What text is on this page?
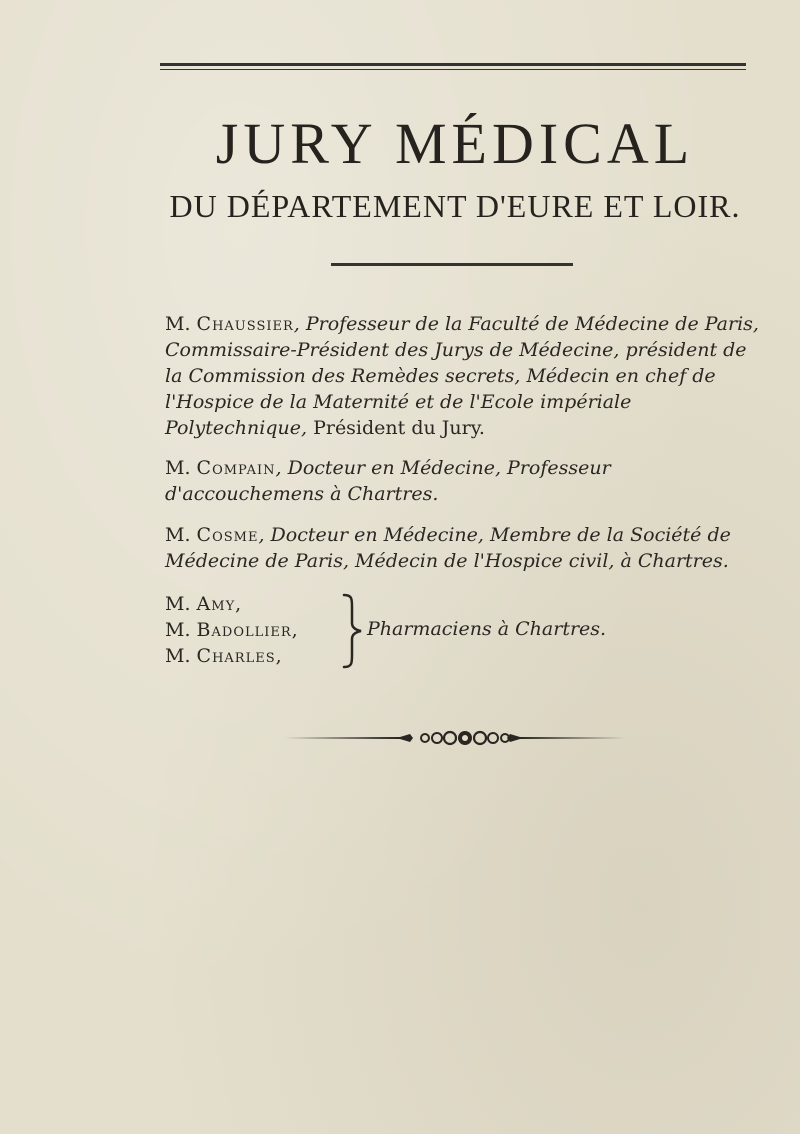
JURY MÉDICAL
DU DÉPARTEMENT D'EURE ET LOIR.
M. Chaussier, Professeur de la Faculté de Médecine de Paris, Commissaire-Président des Jurys de Médecine, président de la Commission des Remèdes secrets, Médecin en chef de l'Hospice de la Maternité et de l'Ecole impériale Polytechnique, Président du Jury.
M. Compain, Docteur en Médecine, Professeur d'accouchemens à Chartres.
M. Cosme, Docteur en Médecine, Membre de la Société de Médecine de Paris, Médecin de l'Hospice civil, à Chartres.
M. Amy,
M. Badollier,
M. Charles,
Pharmaciens à Chartres.
